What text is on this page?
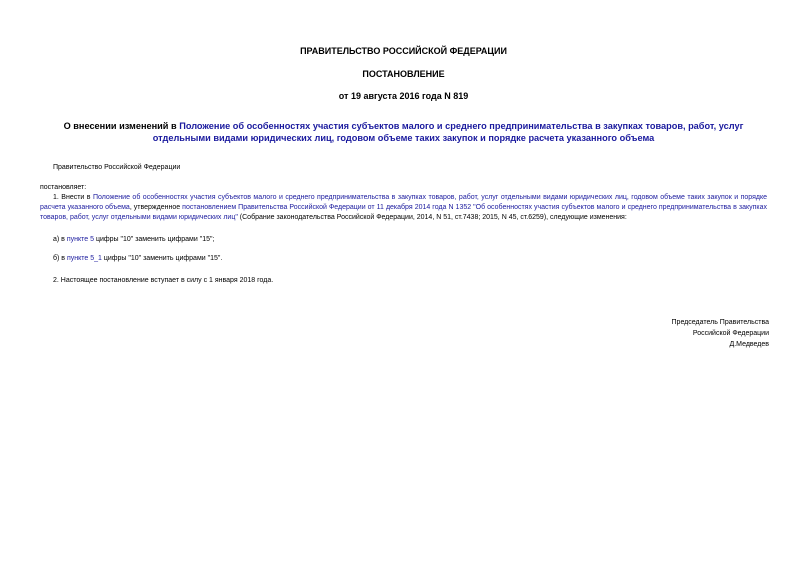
ПРАВИТЕЛЬСТВО РОССИЙСКОЙ ФЕДЕРАЦИИ
ПОСТАНОВЛЕНИЕ
от 19 августа 2016 года N 819
О внесении изменений в Положение об особенностях участия субъектов малого и среднего предпринимательства в закупках товаров, работ, услуг отдельными видами юридических лиц, годовом объеме таких закупок и порядке расчета указанного объема
Правительство Российской Федерации
постановляет:
1. Внести в Положение об особенностях участия субъектов малого и среднего предпринимательства в закупках товаров, работ, услуг отдельными видами юридических лиц, годовом объеме таких закупок и порядке расчета указанного объема, утвержденное постановлением Правительства Российской Федерации от 11 декабря 2014 года N 1352 "Об особенностях участия субъектов малого и среднего предпринимательства в закупках товаров, работ, услуг отдельными видами юридических лиц" (Собрание законодательства Российской Федерации, 2014, N 51, ст.7438; 2015, N 45, ст.6259), следующие изменения:
а) в пункте 5 цифры "10" заменить цифрами "15";
б) в пункте 5_1 цифры "10" заменить цифрами "15".
2. Настоящее постановление вступает в силу с 1 января 2018 года.
Председатель Правительства
Российской Федерации
Д.Медведев
